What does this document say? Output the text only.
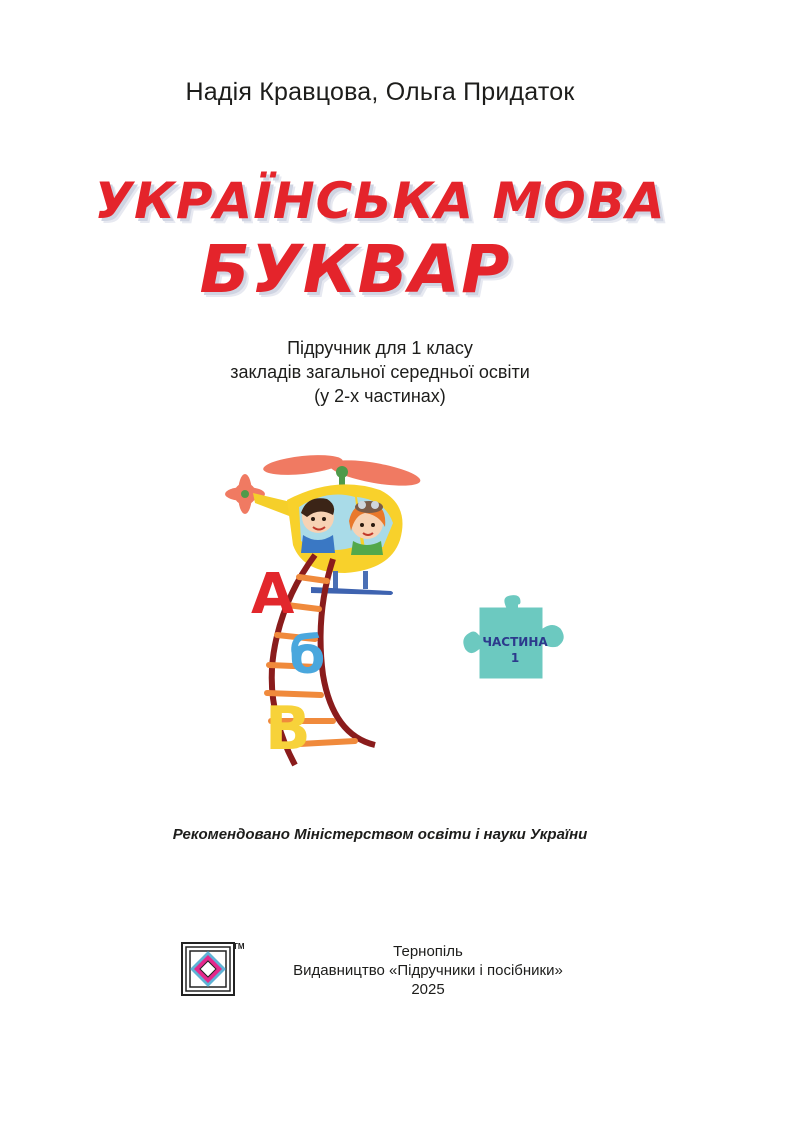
Надія Кравцова, Ольга Придаток
УКРАЇНСЬКА МОВА
БУКВАР
Підручник для 1 класу
закладів загальної середньої освіти
(у 2-х частинах)
А
б
В
ЧАСТИНА
1
Рекомендовано Міністерством освіти і науки України
TM	Тернопіль
Видавництво «Підручники і посібники»
2025
